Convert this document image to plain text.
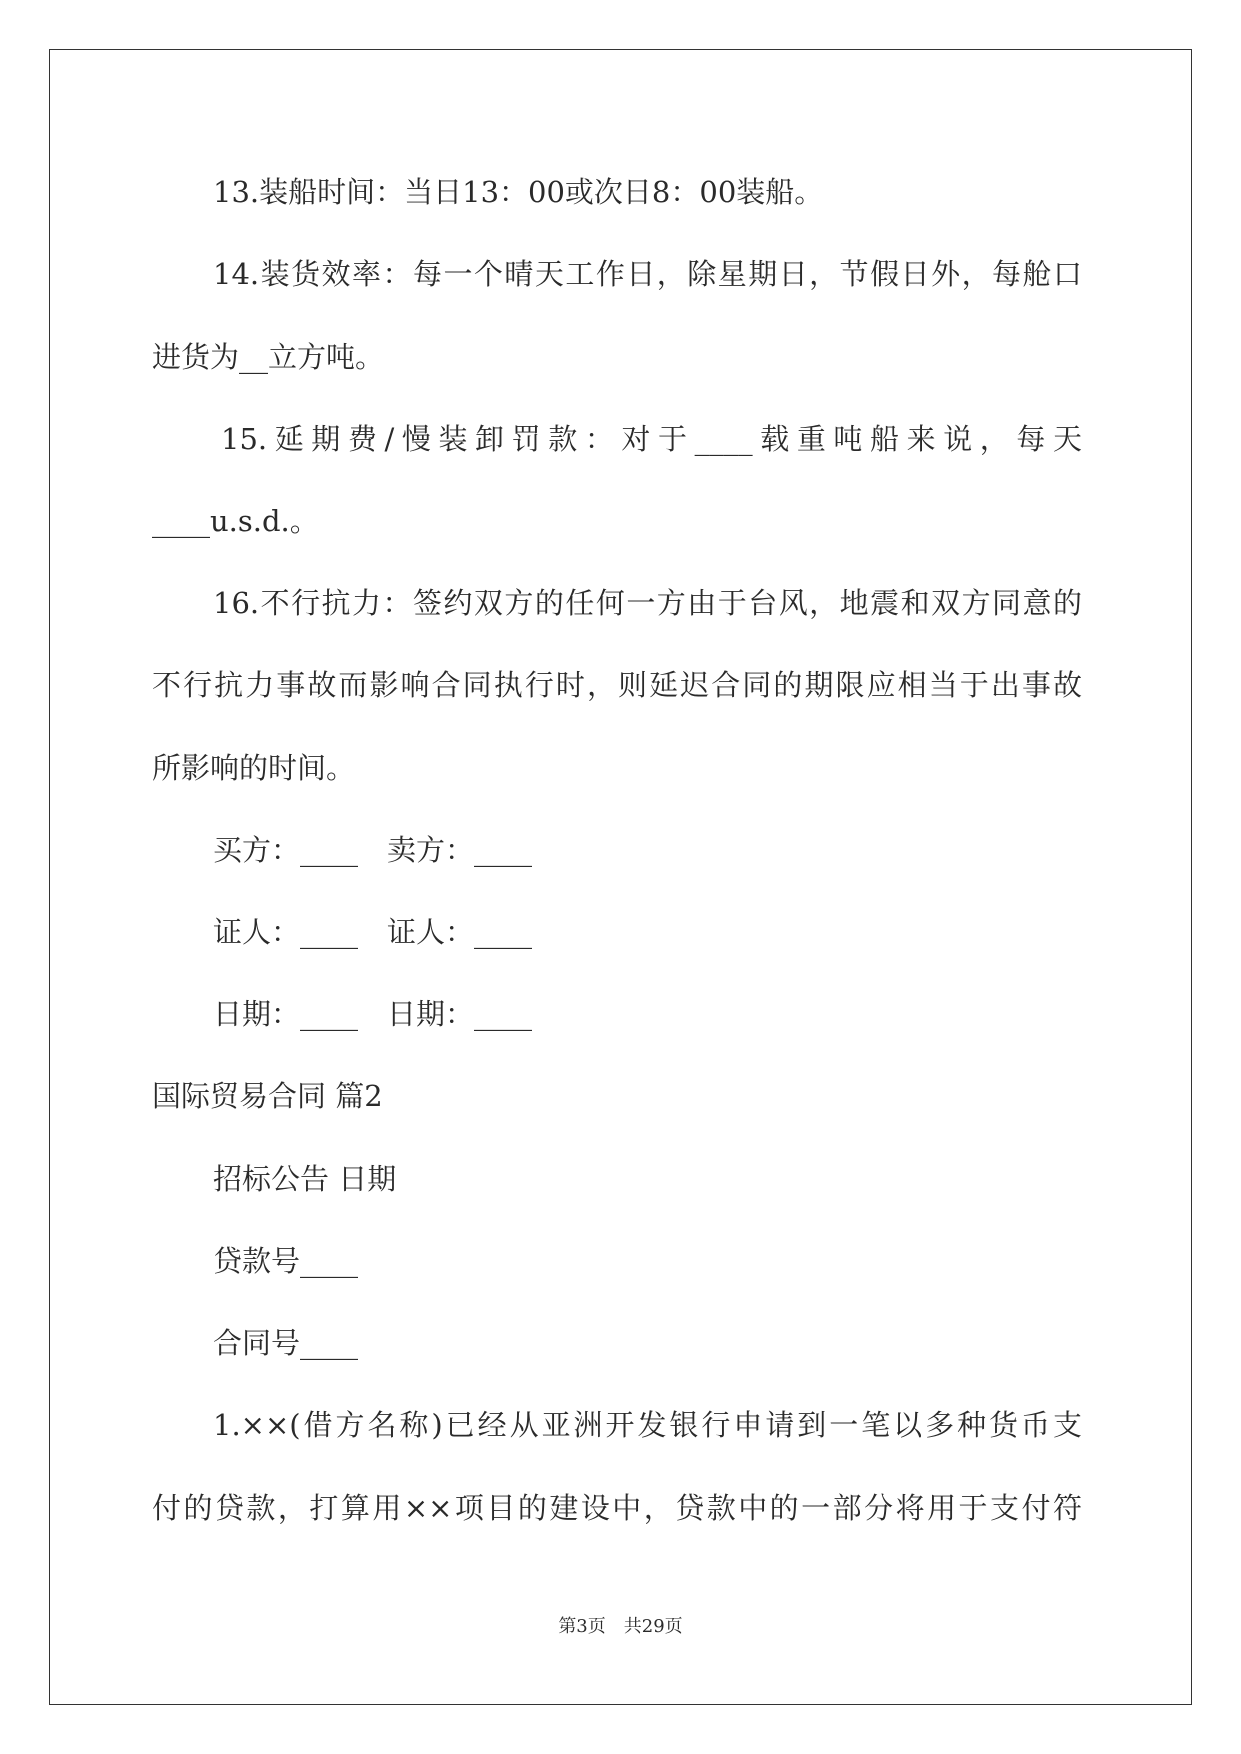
13.装船时间：当日13：00或次日8：00装船。
14.装货效率：每一个晴天工作日，除星期日，节假日外，每舱口
进货为__立方吨。
15.延期费/慢装卸罚款：对于____载重吨船来说，每天
____u.s.d.。
16.不行抗力：签约双方的任何一方由于台风，地震和双方同意的
不行抗力事故而影响合同执行时，则延迟合同的期限应相当于出事故
所影响的时间。
买方：____　卖方：____
证人：____　证人：____
日期：____　日期：____
国际贸易合同 篇2
招标公告 日期
贷款号____
合同号____
1.××(借方名称)已经从亚洲开发银行申请到一笔以多种货币支
付的贷款，打算用××项目的建设中，贷款中的一部分将用于支付符
第3页　共29页
